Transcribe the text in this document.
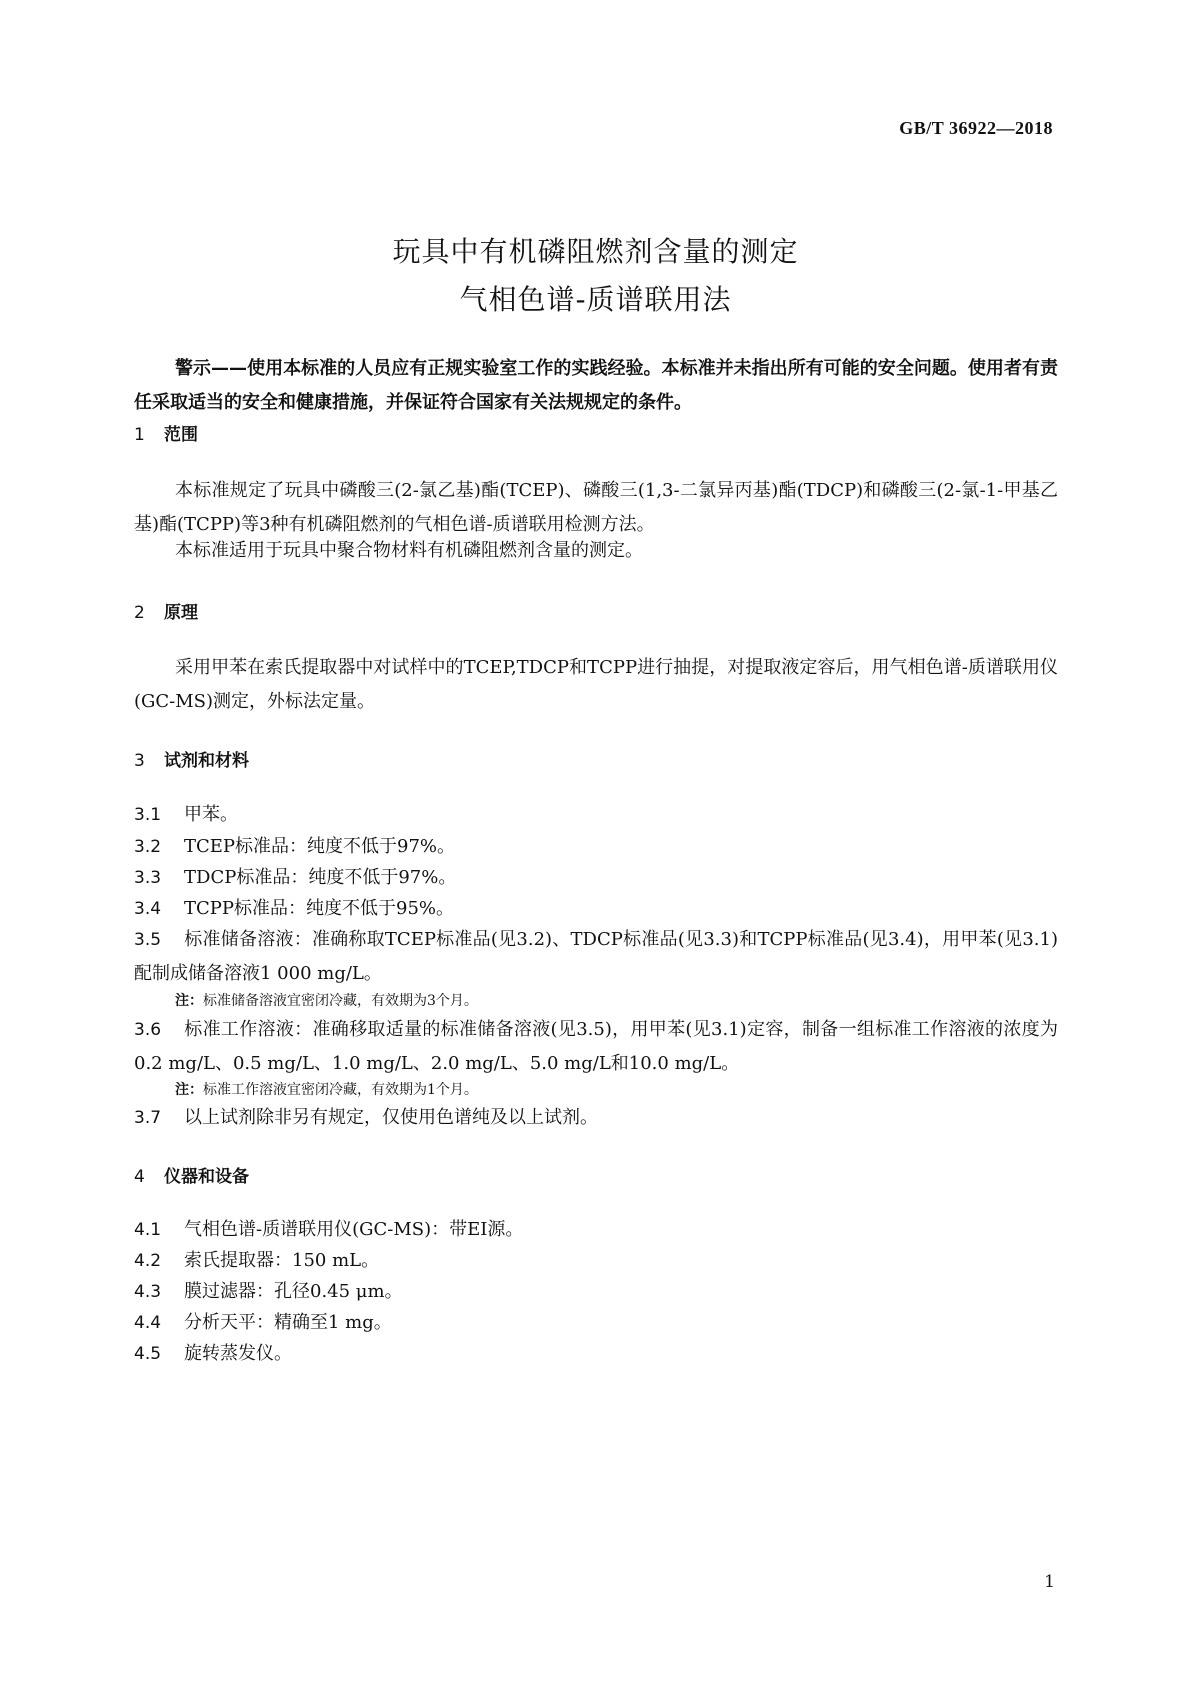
GB/T 36922—2018
玩具中有机磷阻燃剂含量的测定
气相色谱-质谱联用法
警示——使用本标准的人员应有正规实验室工作的实践经验。本标准并未指出所有可能的安全问题。使用者有责任采取适当的安全和健康措施，并保证符合国家有关法规规定的条件。
1 范围
本标准规定了玩具中磷酸三(2-氯乙基)酯(TCEP)、磷酸三(1,3-二氯异丙基)酯(TDCP)和磷酸三(2-氯-1-甲基乙基)酯(TCPP)等3种有机磷阻燃剂的气相色谱-质谱联用检测方法。
本标准适用于玩具中聚合物材料有机磷阻燃剂含量的测定。
2 原理
采用甲苯在索氏提取器中对试样中的TCEP,TDCP和TCPP进行抽提，对提取液定容后，用气相色谱-质谱联用仪(GC-MS)测定，外标法定量。
3 试剂和材料
3.1 甲苯。
3.2 TCEP标准品：纯度不低于97%。
3.3 TDCP标准品：纯度不低于97%。
3.4 TCPP标准品：纯度不低于95%。
3.5 标准储备溶液：准确称取TCEP标准品(见3.2)、TDCP标准品(见3.3)和TCPP标准品(见3.4)，用甲苯(见3.1)配制成储备溶液1 000 mg/L。
注：标准储备溶液宜密闭冷藏，有效期为3个月。
3.6 标准工作溶液：准确移取适量的标准储备溶液(见3.5)，用甲苯(见3.1)定容，制备一组标准工作溶液的浓度为0.2 mg/L、0.5 mg/L、1.0 mg/L、2.0 mg/L、5.0 mg/L和10.0 mg/L。
注：标准工作溶液宜密闭冷藏，有效期为1个月。
3.7 以上试剂除非另有规定，仅使用色谱纯及以上试剂。
4 仪器和设备
4.1 气相色谱-质谱联用仪(GC-MS)：带EI源。
4.2 索氏提取器：150 mL。
4.3 膜过滤器：孔径0.45 μm。
4.4 分析天平：精确至1 mg。
4.5 旋转蒸发仪。
1
